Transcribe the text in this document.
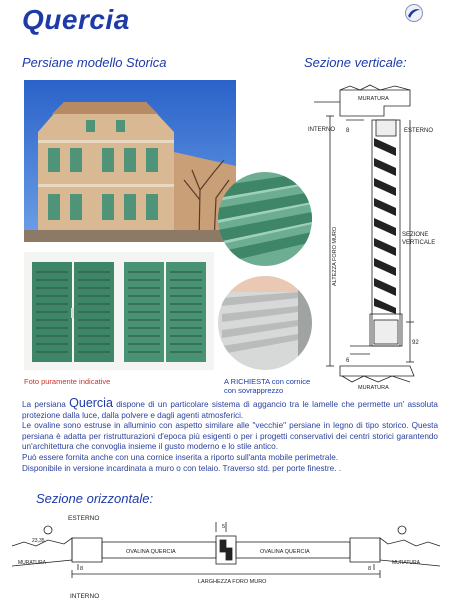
Quercia
Persiane modello Storica	Sezione verticale:
Foto puramente indicative	A RICHIESTA con cornice
con sovrapprezzo
MURATURA
INTERNO	ESTERNO
8
ALTEZZA FORO MURO	SEZIONE
VERTICALE
92
6
MURATURA

La persiana Quercia dispone di un particolare sistema di aggancio tra le lamelle che permette un' assoluta protezione dalla luce, dalla polvere e dagli agenti atmosferici.

Le ovaline sono estruse in alluminio con aspetto similare alle "vecchie" persiane in legno di tipo storico. Questa persiana è adatta per ristrutturazioni d'epoca più esigenti o per i progetti conservativi dei centri storici garantendo un'architettura che convoglia insieme il gusto moderno e lo stile antico.

Può essere fornita anche con una cornice inserita a riporto sull'anta mobile perimetrale.

Disponibile in versione incardinata a muro o con telaio. Traverso std. per porte finestre. .

Sezione orizzontale:
ESTERNO
5
23,35
OVALINA QUERCIA	OVALINA QUERCIA
MURATURA	MURATURA
8	8
LARGHEZZA FORO MURO
INTERNO
